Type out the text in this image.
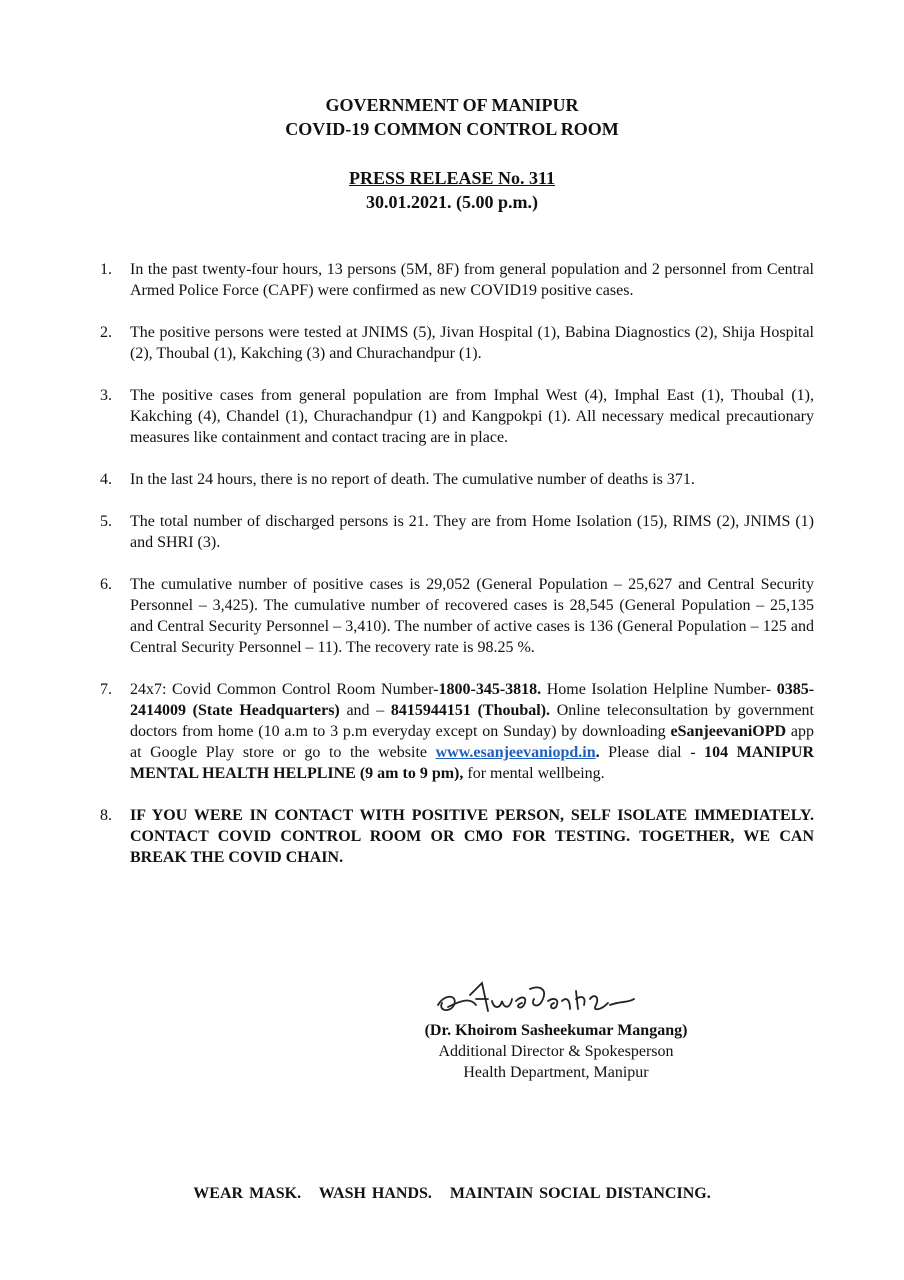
GOVERNMENT OF MANIPUR
COVID-19 COMMON CONTROL ROOM
PRESS RELEASE No. 311
30.01.2021. (5.00 p.m.)
1. In the past twenty-four hours, 13 persons (5M, 8F) from general population and 2 personnel from Central Armed Police Force (CAPF) were confirmed as new COVID19 positive cases.

2. The positive persons were tested at JNIMS (5), Jivan Hospital (1), Babina Diagnostics (2), Shija Hospital (2), Thoubal (1), Kakching (3) and Churachandpur (1).

3. The positive cases from general population are from Imphal West (4), Imphal East (1), Thoubal (1), Kakching (4), Chandel (1), Churachandpur (1) and Kangpokpi (1). All necessary medical precautionary measures like containment and contact tracing are in place.

4. In the last 24 hours, there is no report of death. The cumulative number of deaths is 371.

5. The total number of discharged persons is 21. They are from Home Isolation (15), RIMS (2), JNIMS (1) and SHRI (3).

6. The cumulative number of positive cases is 29,052 (General Population – 25,627 and Central Security Personnel – 3,425). The cumulative number of recovered cases is 28,545 (General Population – 25,135 and Central Security Personnel – 3,410). The number of active cases is 136 (General Population – 125 and Central Security Personnel – 11). The recovery rate is 98.25 %.

7. 24x7: Covid Common Control Room Number-1800-345-3818. Home Isolation Helpline Number- 0385-2414009 (State Headquarters) and – 8415944151 (Thoubal). Online teleconsultation by government doctors from home (10 a.m to 3 p.m everyday except on Sunday) by downloading eSanjeevaniOPD app at Google Play store or go to the website www.esanjeevaniopd.in. Please dial - 104 MANIPUR MENTAL HEALTH HELPLINE (9 am to 9 pm), for mental wellbeing.

8. IF YOU WERE IN CONTACT WITH POSITIVE PERSON, SELF ISOLATE IMMEDIATELY. CONTACT COVID CONTROL ROOM OR CMO FOR TESTING. TOGETHER, WE CAN BREAK THE COVID CHAIN.

(Dr. Khoirom Sasheekumar Mangang)
Additional Director & Spokesperson
Health Department, Manipur
WEAR MASK.   WASH HANDS.   MAINTAIN SOCIAL DISTANCING.
